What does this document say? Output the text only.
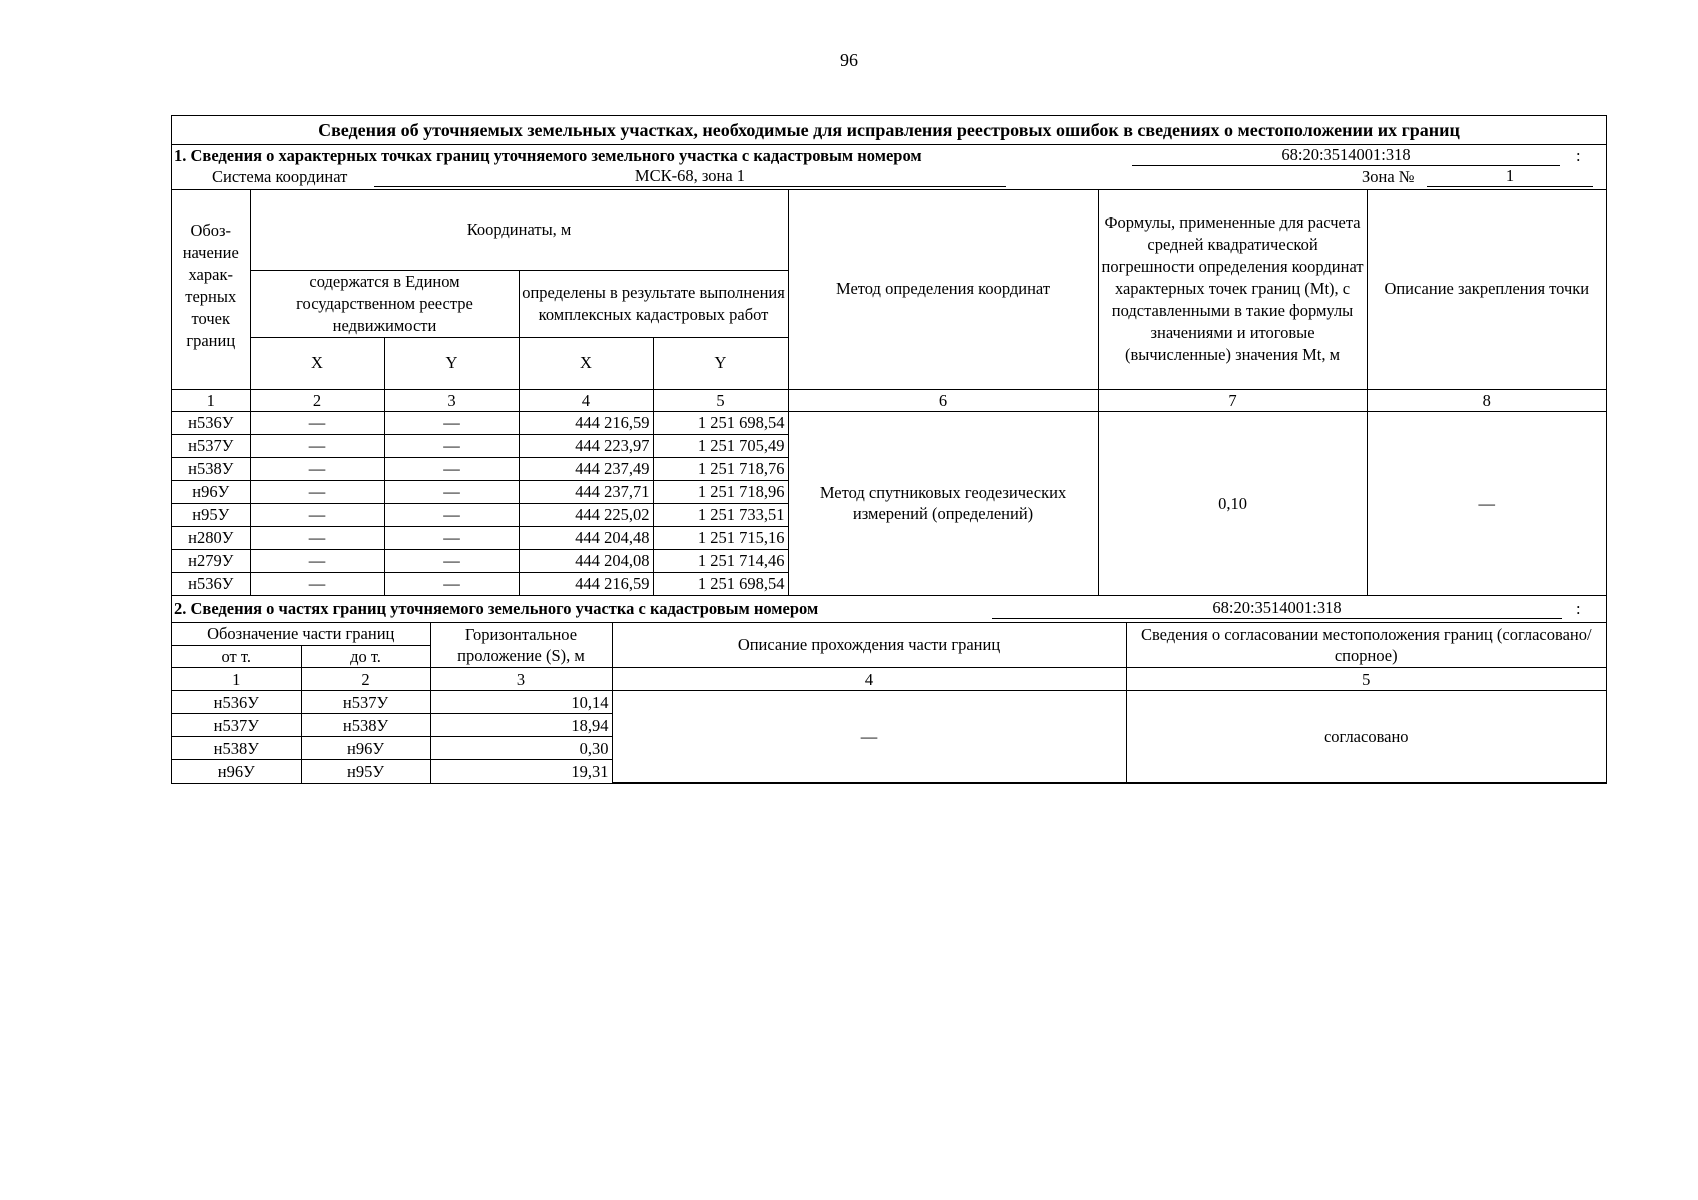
96
Сведения об уточняемых земельных участках, необходимые для исправления реестровых ошибок в сведениях о местоположении их границ
1. Сведения о характерных точках границ уточняемого земельного участка с кадастровым номером	68:20:3514001:318	:
Система координат	МСК-68, зона 1	Зона №	1
Обоз-начение харак-терных точек границ	Координаты, м				Метод определения координат	Формулы, примененные для расчета средней квадратической погрешности определения координат характерных точек границ (Mt), с подставленными в такие формулы значениями и итоговые (вычисленные) значения Mt, м	Описание закрепления точки
	содержатся в Едином государственном реестре недвижимости		определены в результате выполнения комплексных кадастровых работ				
	X	Y	X	Y			
1	2	3	4	5	6	7	8
н536У	—	—	444 216,59	1 251 698,54	Метод спутниковых геодезических измерений (определений)	0,10	—
н537У	—	—	444 223,97	1 251 705,49			
н538У	—	—	444 237,49	1 251 718,76			
н96У	—	—	444 237,71	1 251 718,96			
н95У	—	—	444 225,02	1 251 733,51			
н280У	—	—	444 204,48	1 251 715,16			
н279У	—	—	444 204,08	1 251 714,46			
н536У	—	—	444 216,59	1 251 698,54			
2. Сведения о частях границ уточняемого земельного участка с кадастровым номером	68:20:3514001:318	:
Обозначение части границ		Горизонтальное проложение (S), м	Описание прохождения части границ	Сведения о согласовании местоположения границ (согласовано/спорное)
от т.	до т.			
1	2	3	4	5
н536У	н537У	10,14	—	согласовано
н537У	н538У	18,94		
н538У	н96У	0,30		
н96У	н95У	19,31		
